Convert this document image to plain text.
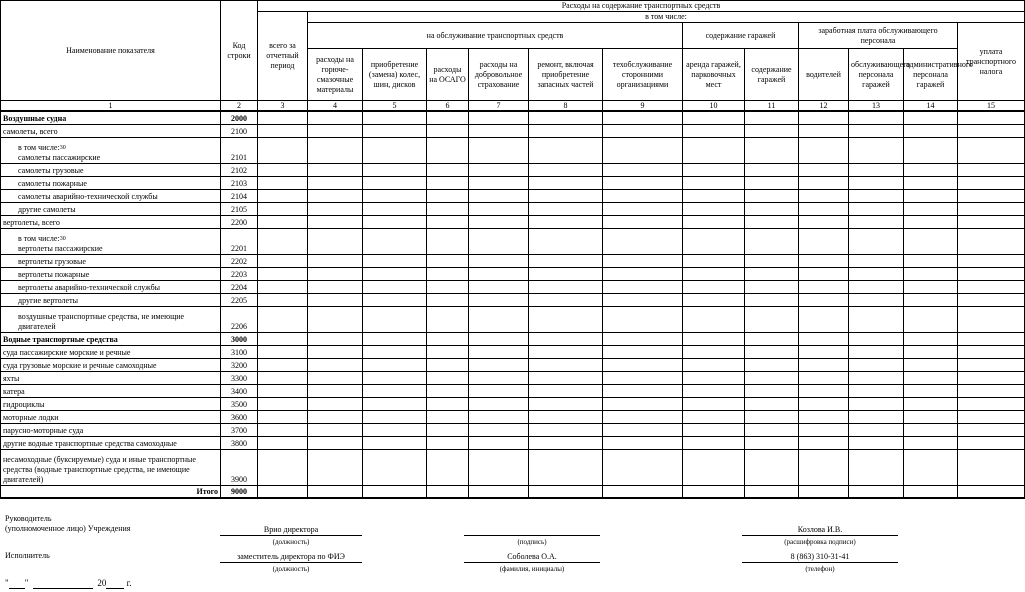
Наименование показателя	Код строки	Расходы на содержание транспортных средств												
		всего за отчетный период	в том числе:											
			на обслуживание транспортных средств						содержание гаражей		заработная плата обслуживающего персонала			уплата транспортного налога
			расходы на горюче-смазочные материалы	приобретение (замена) колес, шин, дисков	расходы на ОСАГО	расходы на добровольное страхование	ремонт, включая приобретение запасных частей	техобслуживание сторонними организациями	аренда гаражей, парковочных мест	содержание гаражей	водителей	обслуживающего персонала гаражей	административного персонала гаражей	
1	2	3	4	5	6	7	8	9	10	11	12	13	14	15
Воздушные судна	2000													
самолеты, всего	2100													

в том числе:$^{30}$
самолеты пассажирские	2101													
самолеты грузовые	2102													
самолеты пожарные	2103													
самолеты аварийно-технической службы	2104													
другие самолеты	2105													
вертолеты, всего	2200													

в том числе:$^{30}$
вертолеты пассажирские	2201													
вертолеты грузовые	2202													
вертолеты пожарные	2203													
вертолеты аварийно-технической службы	2204													
другие вертолеты	2205													
воздушные транспортные средства, не имеющие двигателей	2206													
Водные транспортные средства	3000													
суда пассажирские морские и речные	3100													
суда грузовые морские и речные самоходные	3200													
яхты	3300													
катера	3400													
гидроциклы	3500													
моторные лодки	3600													
парусно-моторные суда	3700													
другие водные транспортные средства самоходные	3800													
несамоходные (буксируемые) суда и иные транспортные средства (водные транспортные средства, не имеющие двигателей)	3900													
Итого	9000													
Руководитель
(уполномоченное лицо) Учреждения	Врио директора
(должность)	(подпись)
Козлова И.В.
(расшифровка подписи)
Исполнитель	заместитель директора по ФИЭ
(должность)
Соболева О.А.
(фамилия, инициалы)
8 (863) 310-31-41
(телефон)
" "	20 г.
